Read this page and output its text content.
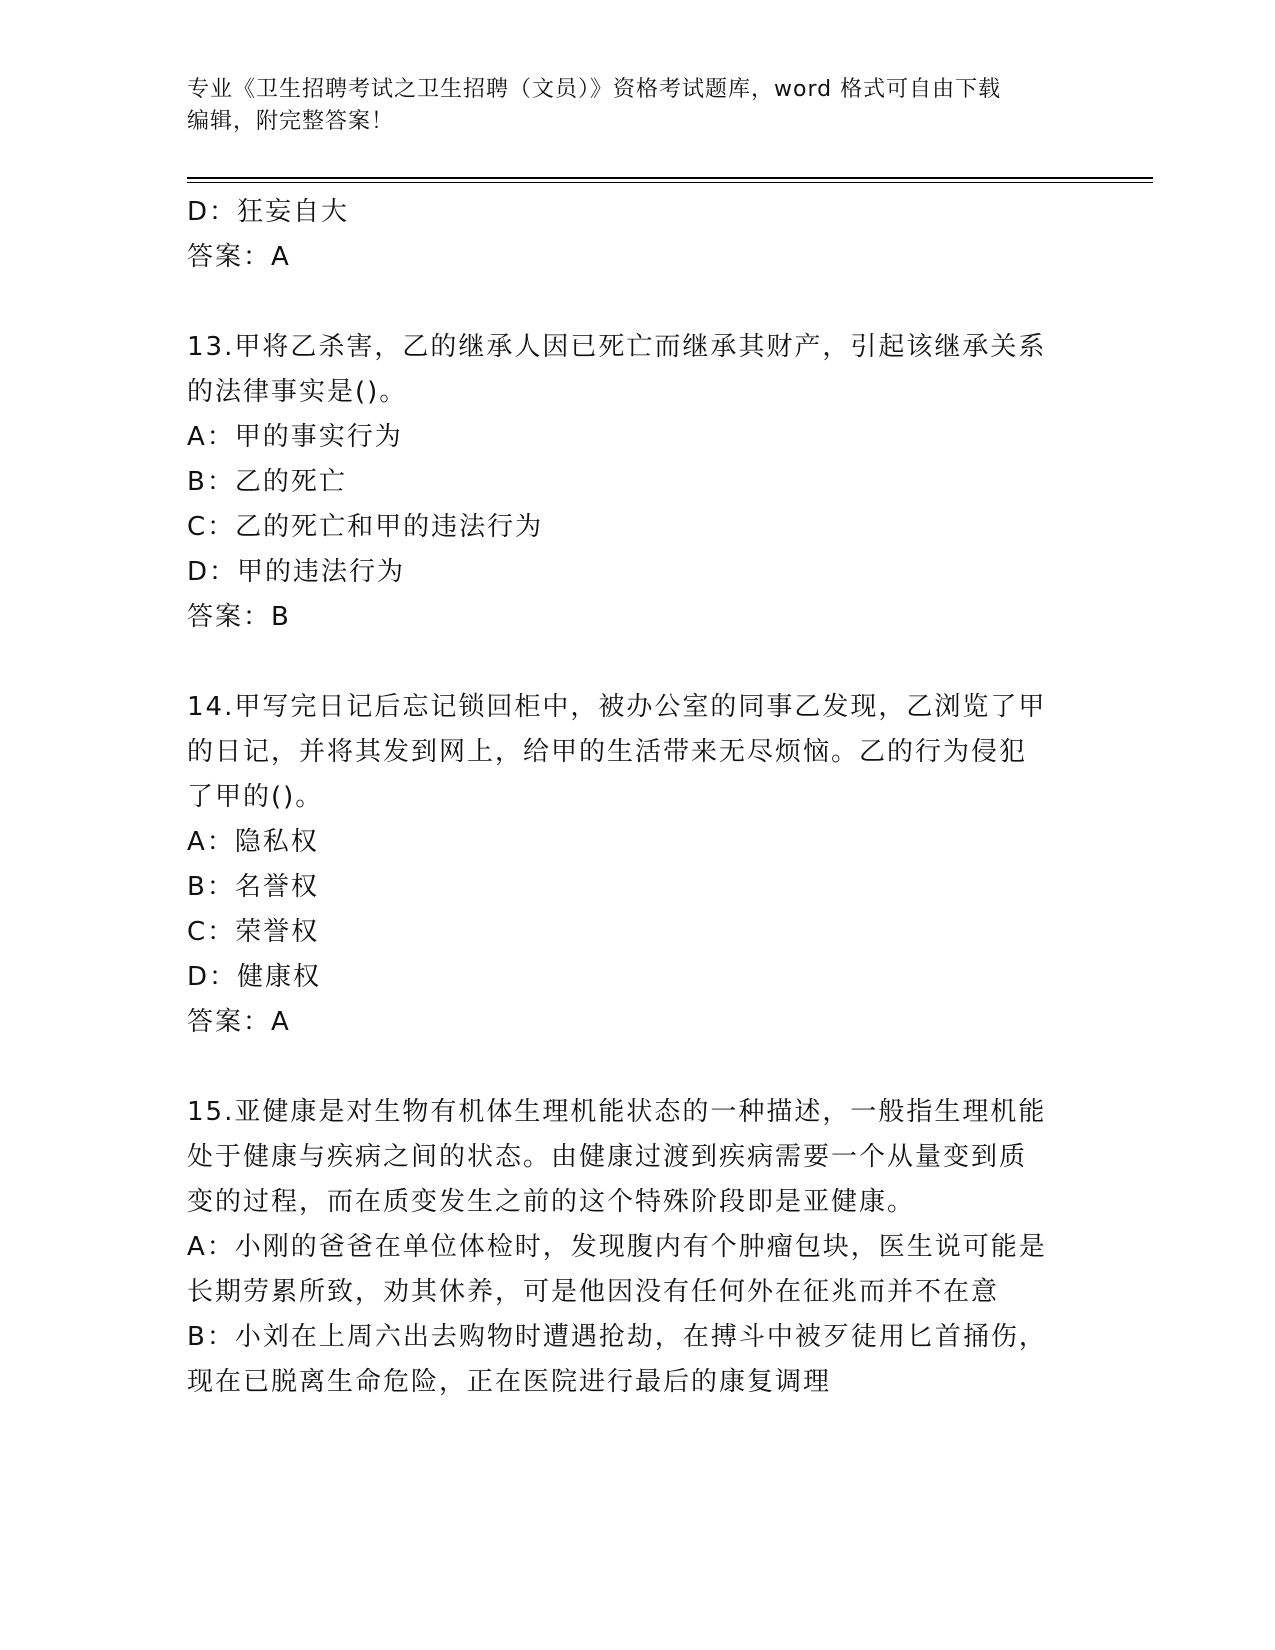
专业《卫生招聘考试之卫生招聘（文员）》资格考试题库，word 格式可自由下载
编辑，附完整答案！
D：狂妄自大
答案：A
13.甲将乙杀害，乙的继承人因已死亡而继承其财产，引起该继承关系
的法律事实是()。
A：甲的事实行为
B：乙的死亡
C：乙的死亡和甲的违法行为
D：甲的违法行为
答案：B
14.甲写完日记后忘记锁回柜中，被办公室的同事乙发现，乙浏览了甲
的日记，并将其发到网上，给甲的生活带来无尽烦恼。乙的行为侵犯
了甲的()。
A：隐私权
B：名誉权
C：荣誉权
D：健康权
答案：A
15.亚健康是对生物有机体生理机能状态的一种描述，一般指生理机能
处于健康与疾病之间的状态。由健康过渡到疾病需要一个从量变到质
变的过程，而在质变发生之前的这个特殊阶段即是亚健康。
A：小刚的爸爸在单位体检时，发现腹内有个肿瘤包块，医生说可能是
长期劳累所致，劝其休养，可是他因没有任何外在征兆而并不在意
B：小刘在上周六出去购物时遭遇抢劫，在搏斗中被歹徒用匕首捅伤，
现在已脱离生命危险，正在医院进行最后的康复调理
